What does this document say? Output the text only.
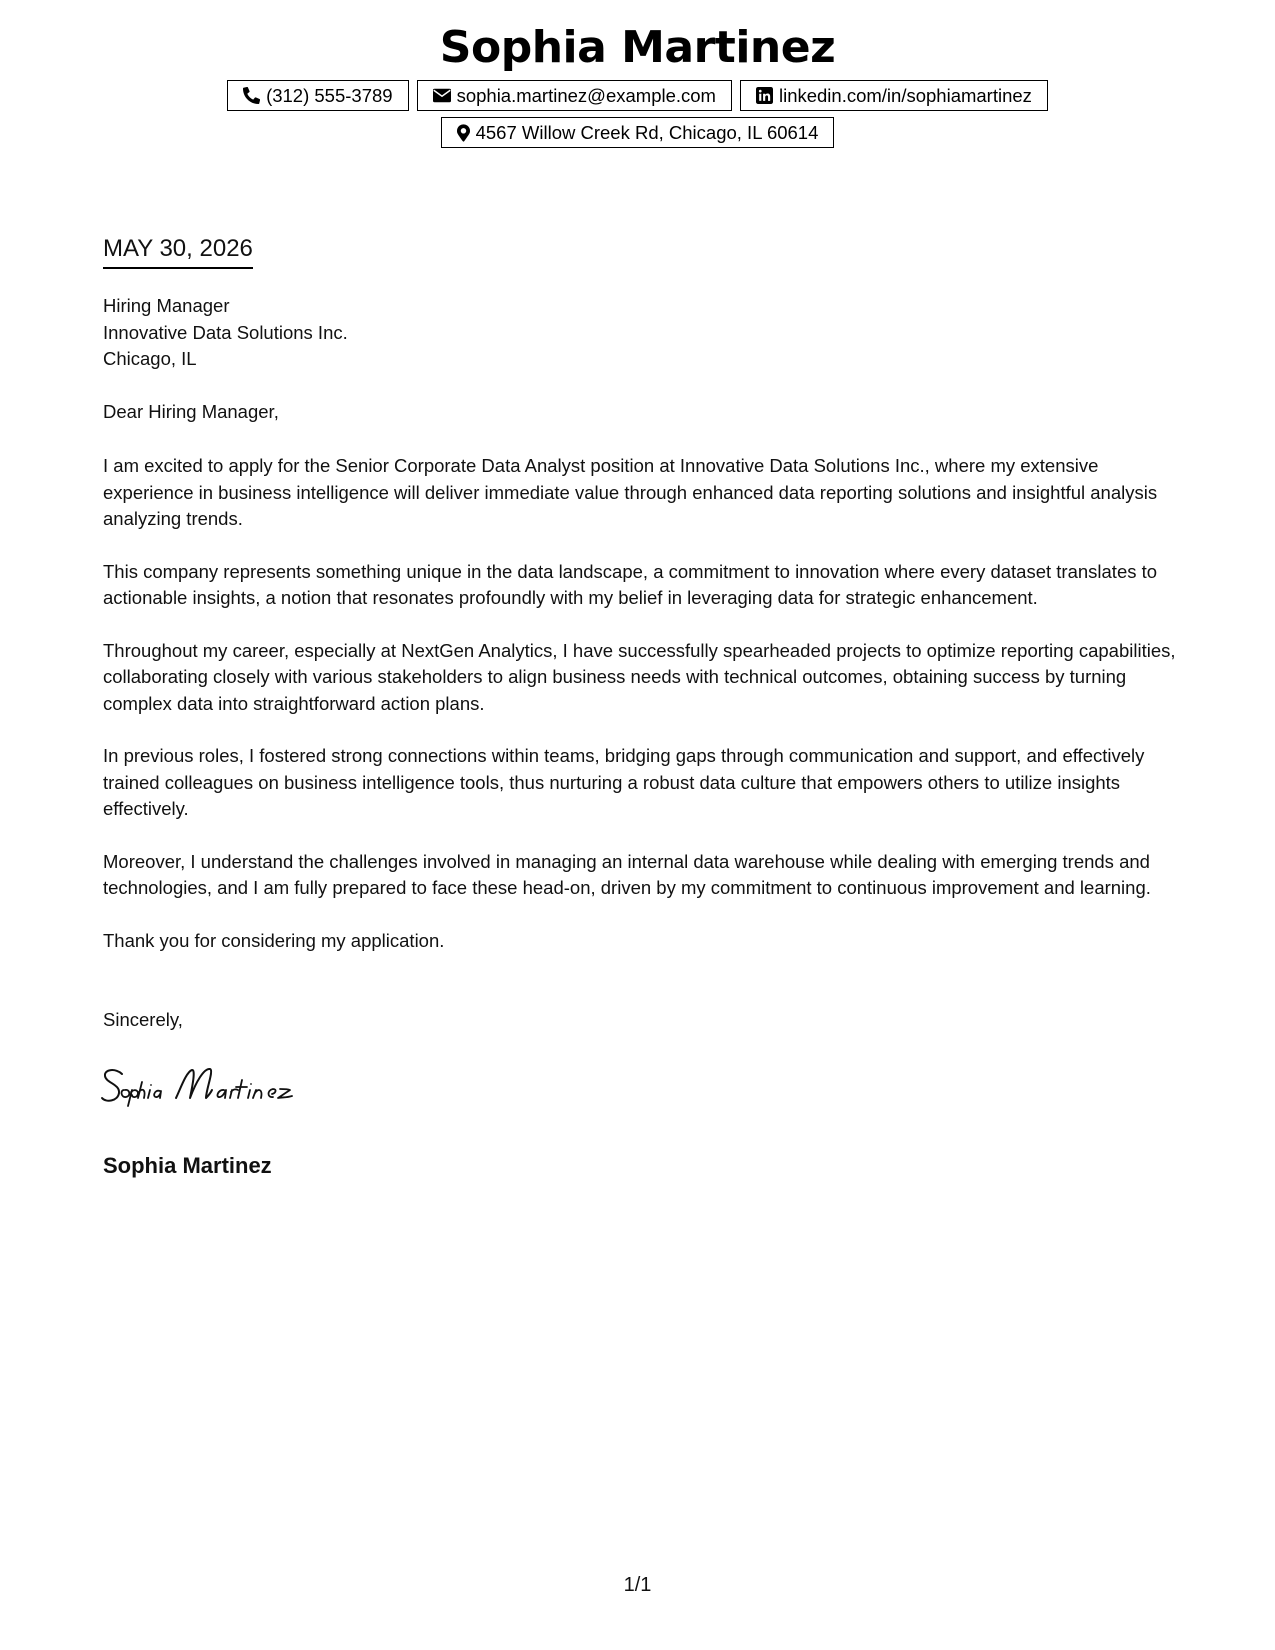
Sophia Martinez
(312) 555-3789	sophia.martinez@example.com	linkedin.com/in/sophiamartinez
4567 Willow Creek Rd, Chicago, IL 60614
MAY 30, 2026
Hiring Manager
Innovative Data Solutions Inc.
Chicago, IL
Dear Hiring Manager,

I am excited to apply for the Senior Corporate Data Analyst position at Innovative Data Solutions Inc., where my extensive experience in business intelligence will deliver immediate value through enhanced data reporting solutions and insightful analysis analyzing trends.

This company represents something unique in the data landscape, a commitment to innovation where every dataset translates to actionable insights, a notion that resonates profoundly with my belief in leveraging data for strategic enhancement.

Throughout my career, especially at NextGen Analytics, I have successfully spearheaded projects to optimize reporting capabilities, collaborating closely with various stakeholders to align business needs with technical outcomes, obtaining success by turning complex data into straightforward action plans.

In previous roles, I fostered strong connections within teams, bridging gaps through communication and support, and effectively trained colleagues on business intelligence tools, thus nurturing a robust data culture that empowers others to utilize insights effectively.

Moreover, I understand the challenges involved in managing an internal data warehouse while dealing with emerging trends and technologies, and I am fully prepared to face these head-on, driven by my commitment to continuous improvement and learning.

Thank you for considering my application.

Sincerely,
Sophia Martinez
1/1
